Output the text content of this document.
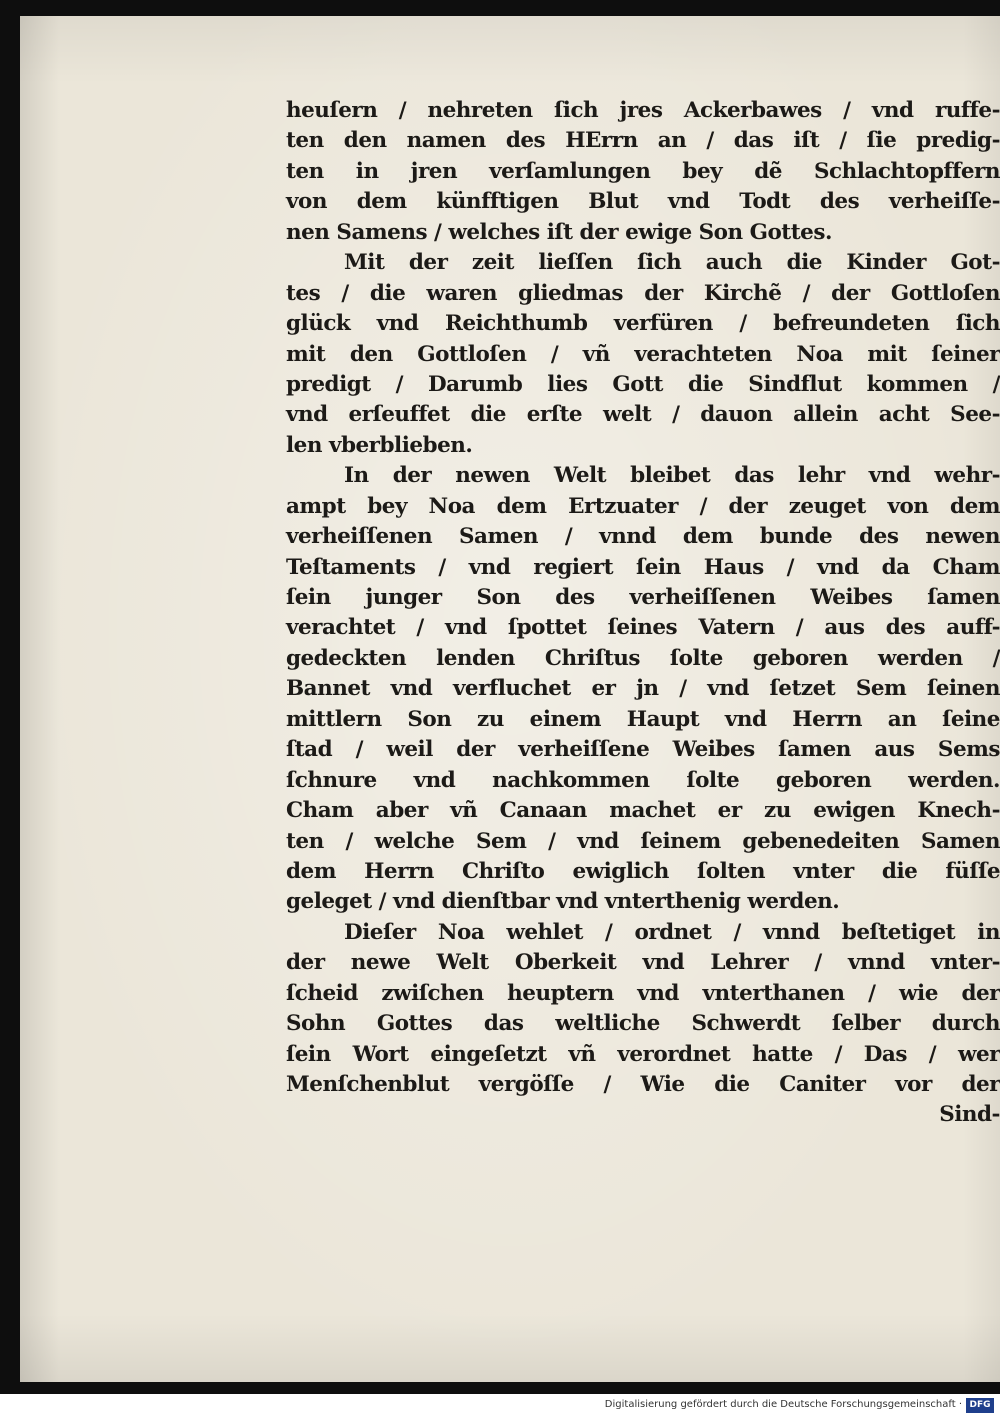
heuſern / nehreten ſich jres Ackerbawes / vnd ruffe-
ten den namen des HErrn an / das iſt / ſie predig-
ten in jren verſamlungen bey dẽ Schlachtopffern
von dem künfftigen Blut vnd Todt des verheiſſe-
nen Samens / welches iſt der ewige Son Gottes.
Mit der zeit lieſſen ſich auch die Kinder Got-
tes / die waren gliedmas der Kirchẽ / der Gottloſen
glück vnd Reichthumb verfüren / befreundeten ſich
mit den Gottloſen / vñ verachteten Noa mit ſeiner
predigt / Darumb lies Gott die Sindflut kommen /
vnd erſeuffet die erſte welt / dauon allein acht See-
len vberblieben.
In der newen Welt bleibet das lehr vnd wehr-
ampt bey Noa dem Ertzuater / der zeuget von dem
verheiſſenen Samen / vnnd dem bunde des newen
Teſtaments / vnd regiert ſein Haus / vnd da Cham
ſein junger Son des verheiſſenen Weibes ſamen
verachtet / vnd ſpottet ſeines Vatern / aus des auff-
gedeckten lenden Chriſtus ſolte geboren werden /
Bannet vnd verfluchet er jn / vnd ſetzet Sem ſeinen
mittlern Son zu einem Haupt vnd Herrn an ſeine
ſtad / weil der verheiſſene Weibes ſamen aus Sems
ſchnure vnd nachkommen ſolte geboren werden.
Cham aber vñ Canaan machet er zu ewigen Knech-
ten / welche Sem / vnd ſeinem gebenedeiten Samen
dem Herrn Chriſto ewiglich ſolten vnter die füſſe
geleget / vnd dienſtbar vnd vnterthenig werden.
Dieſer Noa wehlet / ordnet / vnnd beſtetiget in
der newe Welt Oberkeit vnd Lehrer / vnnd vnter-
ſcheid zwiſchen heuptern vnd vnterthanen / wie der
Sohn Gottes das weltliche Schwerdt ſelber durch
ſein Wort eingeſetzt vñ verordnet hatte / Das / wer
Menſchenblut vergöſſe / Wie die Caniter vor der
Sind-
Digitalisierung gefördert durch die Deutsche Forschungsgemeinschaft · DFG
